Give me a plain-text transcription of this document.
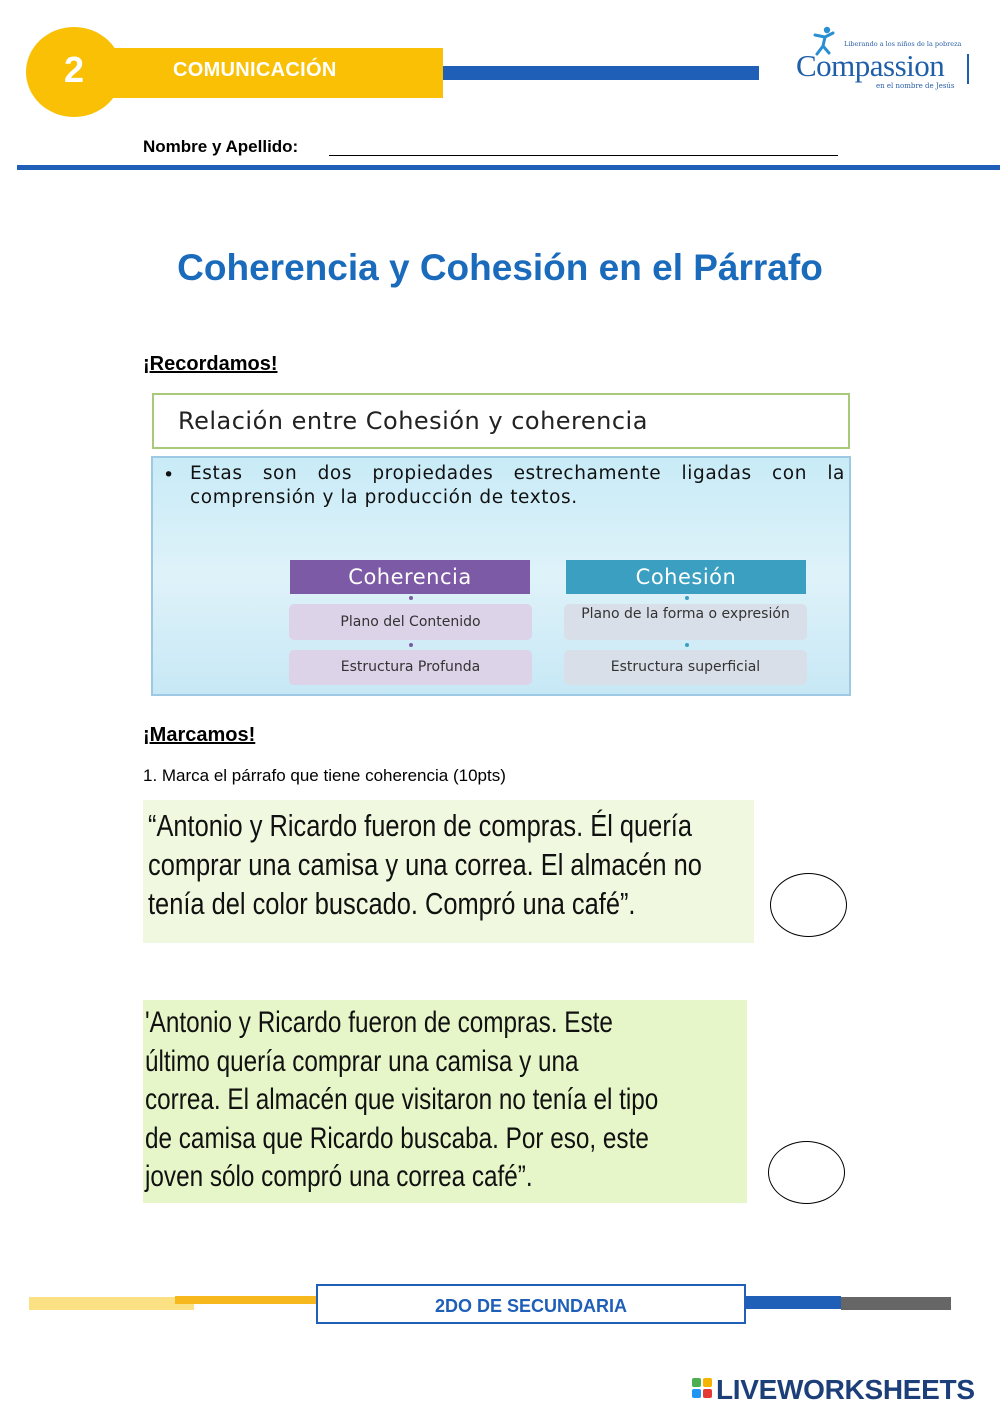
COMUNICACIÓN
2
Liberando a los niños de la pobreza
Compassion
en el nombre de Jesús
Nombre y Apellido:
Coherencia y Cohesión en el Párrafo
¡Recordamos!
Relación entre Cohesión y coherencia
• Estas son dos propiedades estrechamente ligadas con la comprensión y la producción de textos.

Coherencia	Cohesión
Plano del Contenido
Estructura Profunda
Plano de la forma o expresión
Estructura superficial
¡Marcamos!

1. Marca el párrafo que tiene coherencia (10pts)

“Antonio y Ricardo fueron de compras. Él quería
comprar una camisa y una correa. El almacén no
tenía del color buscado. Compró una café”.
'Antonio y Ricardo fueron de compras. Este
último quería comprar una camisa y una
correa. El almacén que visitaron no tenía el tipo
de camisa que Ricardo buscaba. Por eso, este
joven sólo compró una correa café”.
2DO DE SECUNDARIA
LIVEWORKSHEETS
